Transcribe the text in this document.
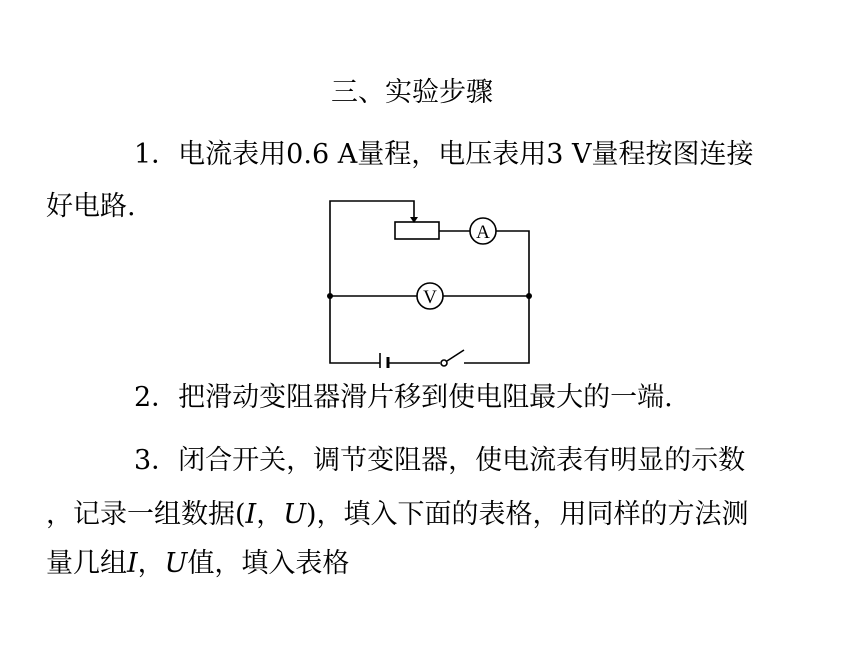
三、实验步骤
1．电流表用0.6 A量程，电压表用3 V量程按图连接
好电路.
A
V
2．把滑动变阻器滑片移到使电阻最大的一端.
3．闭合开关，调节变阻器，使电流表有明显的示数
，记录一组数据(I，U)，填入下面的表格，用同样的方法测
量几组I，U值，填入表格
